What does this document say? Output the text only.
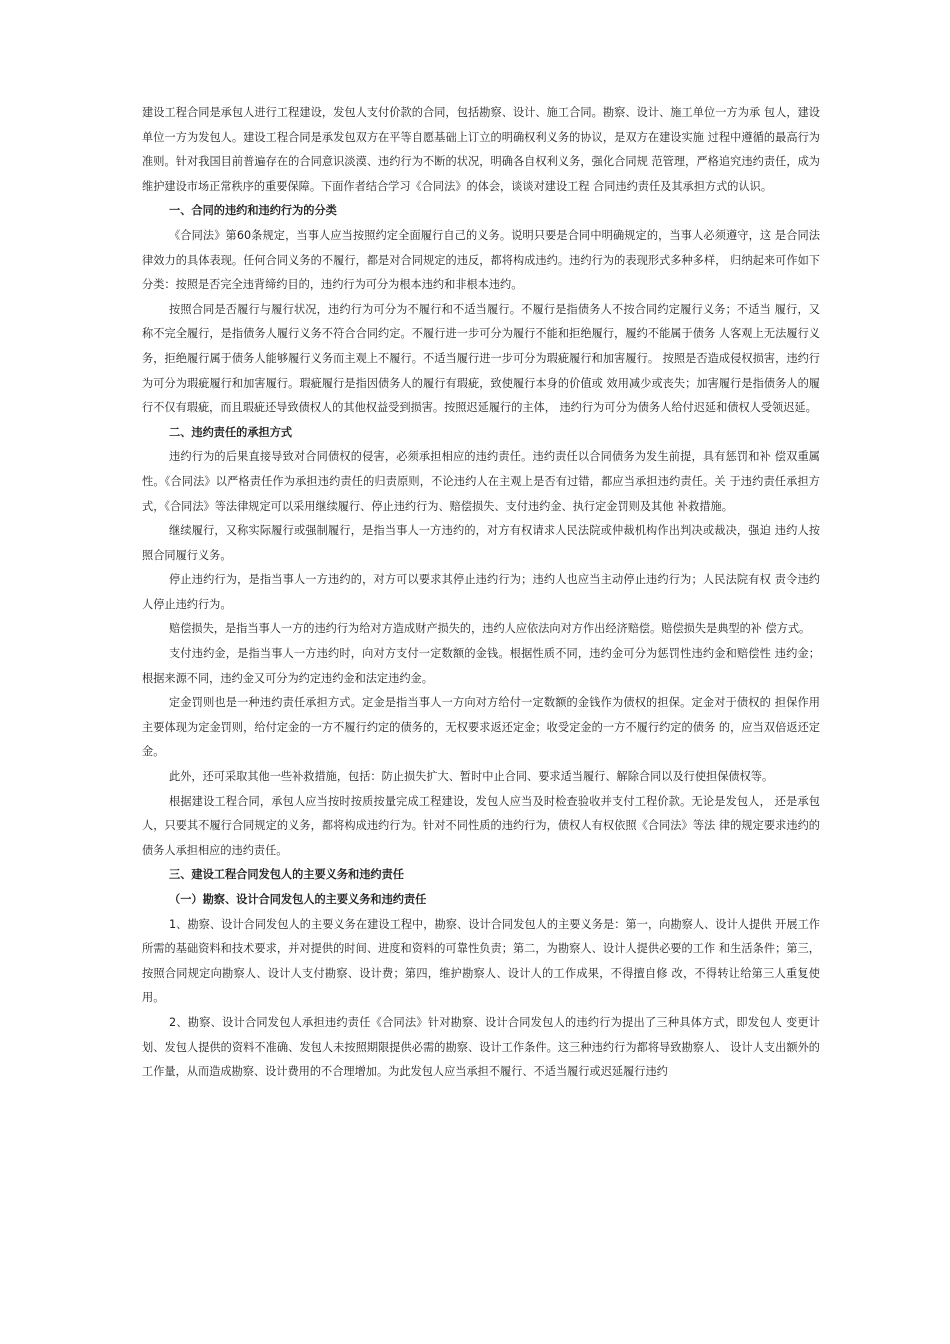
建设工程合同是承包人进行工程建设，发包人支付价款的合同，包括勘察、设计、施工合同。勘察、设计、施工单位一方为承 包人，建设单位一方为发包人。建设工程合同是承发包双方在平等自愿基础上订立的明确权利义务的协议，是双方在建设实施 过程中遵循的最高行为准则。针对我国目前普遍存在的合同意识淡漠、违约行为不断的状况，明确各自权利义务，强化合同规 范管理，严格追究违约责任，成为维护建设市场正常秩序的重要保障。下面作者结合学习《合同法》的体会，谈谈对建设工程 合同违约责任及其承担方式的认识。

一、合同的违约和违约行为的分类

《合同法》第60条规定，当事人应当按照约定全面履行自己的义务。说明只要是合同中明确规定的，当事人必须遵守，这 是合同法律效力的具体表现。任何合同义务的不履行，都是对合同规定的违反，都将构成违约。违约行为的表现形式多种多样， 归纳起来可作如下分类：按照是否完全违背缔约目的，违约行为可分为根本违约和非根本违约。

按照合同是否履行与履行状况，违约行为可分为不履行和不适当履行。不履行是指债务人不按合同约定履行义务；不适当 履行，又称不完全履行，是指债务人履行义务不符合合同约定。不履行进一步可分为履行不能和拒绝履行，履约不能属于债务 人客观上无法履行义务，拒绝履行属于债务人能够履行义务而主观上不履行。不适当履行进一步可分为瑕疵履行和加害履行。 按照是否造成侵权损害，违约行为可分为瑕疵履行和加害履行。瑕疵履行是指因债务人的履行有瑕疵，致使履行本身的价值或 效用减少或丧失；加害履行是指债务人的履行不仅有瑕疵，而且瑕疵还导致债权人的其他权益受到损害。按照迟延履行的主体， 违约行为可分为债务人给付迟延和债权人受领迟延。

二、违约责任的承担方式

违约行为的后果直接导致对合同债权的侵害，必须承担相应的违约责任。违约责任以合同债务为发生前提，具有惩罚和补 偿双重属性。《合同法》以严格责任作为承担违约责任的归责原则，不论违约人在主观上是否有过错，都应当承担违约责任。关 于违约责任承担方式，《合同法》等法律规定可以采用继续履行、停止违约行为、赔偿损失、支付违约金、执行定金罚则及其他 补救措施。

继续履行，又称实际履行或强制履行，是指当事人一方违约的，对方有权请求人民法院或仲裁机构作出判决或裁决，强迫 违约人按照合同履行义务。

停止违约行为，是指当事人一方违约的，对方可以要求其停止违约行为；违约人也应当主动停止违约行为；人民法院有权 责令违约人停止违约行为。

赔偿损失，是指当事人一方的违约行为给对方造成财产损失的，违约人应依法向对方作出经济赔偿。赔偿损失是典型的补 偿方式。

支付违约金，是指当事人一方违约时，向对方支付一定数额的金钱。根据性质不同，违约金可分为惩罚性违约金和赔偿性 违约金；根据来源不同，违约金又可分为约定违约金和法定违约金。

定金罚则也是一种违约责任承担方式。定金是指当事人一方向对方给付一定数额的金钱作为债权的担保。定金对于债权的 担保作用主要体现为定金罚则，给付定金的一方不履行约定的债务的，无权要求返还定金；收受定金的一方不履行约定的债务 的，应当双倍返还定金。

此外，还可采取其他一些补救措施，包括：防止损失扩大、暂时中止合同、要求适当履行、解除合同以及行使担保债权等。

根据建设工程合同，承包人应当按时按质按量完成工程建设，发包人应当及时检查验收并支付工程价款。无论是发包人， 还是承包人，只要其不履行合同规定的义务，都将构成违约行为。针对不同性质的违约行为，债权人有权依照《合同法》等法 律的规定要求违约的债务人承担相应的违约责任。

三、建设工程合同发包人的主要义务和违约责任

（一）勘察、设计合同发包人的主要义务和违约责任

1、勘察、设计合同发包人的主要义务在建设工程中，勘察、设计合同发包人的主要义务是：第一，向勘察人、设计人提供 开展工作所需的基础资料和技术要求，并对提供的时间、进度和资料的可靠性负责；第二，为勘察人、设计人提供必要的工作 和生活条件；第三，按照合同规定向勘察人、设计人支付勘察、设计费；第四，维护勘察人、设计人的工作成果，不得擅自修 改，不得转让给第三人重复使用。

2、勘察、设计合同发包人承担违约责任《合同法》针对勘察、设计合同发包人的违约行为提出了三种具体方式，即发包人 变更计划、发包人提供的资料不准确、发包人未按照期限提供必需的勘察、设计工作条件。这三种违约行为都将导致勘察人、 设计人支出额外的工作量，从而造成勘察、设计费用的不合理增加。为此发包人应当承担不履行、不适当履行或迟延履行违约
